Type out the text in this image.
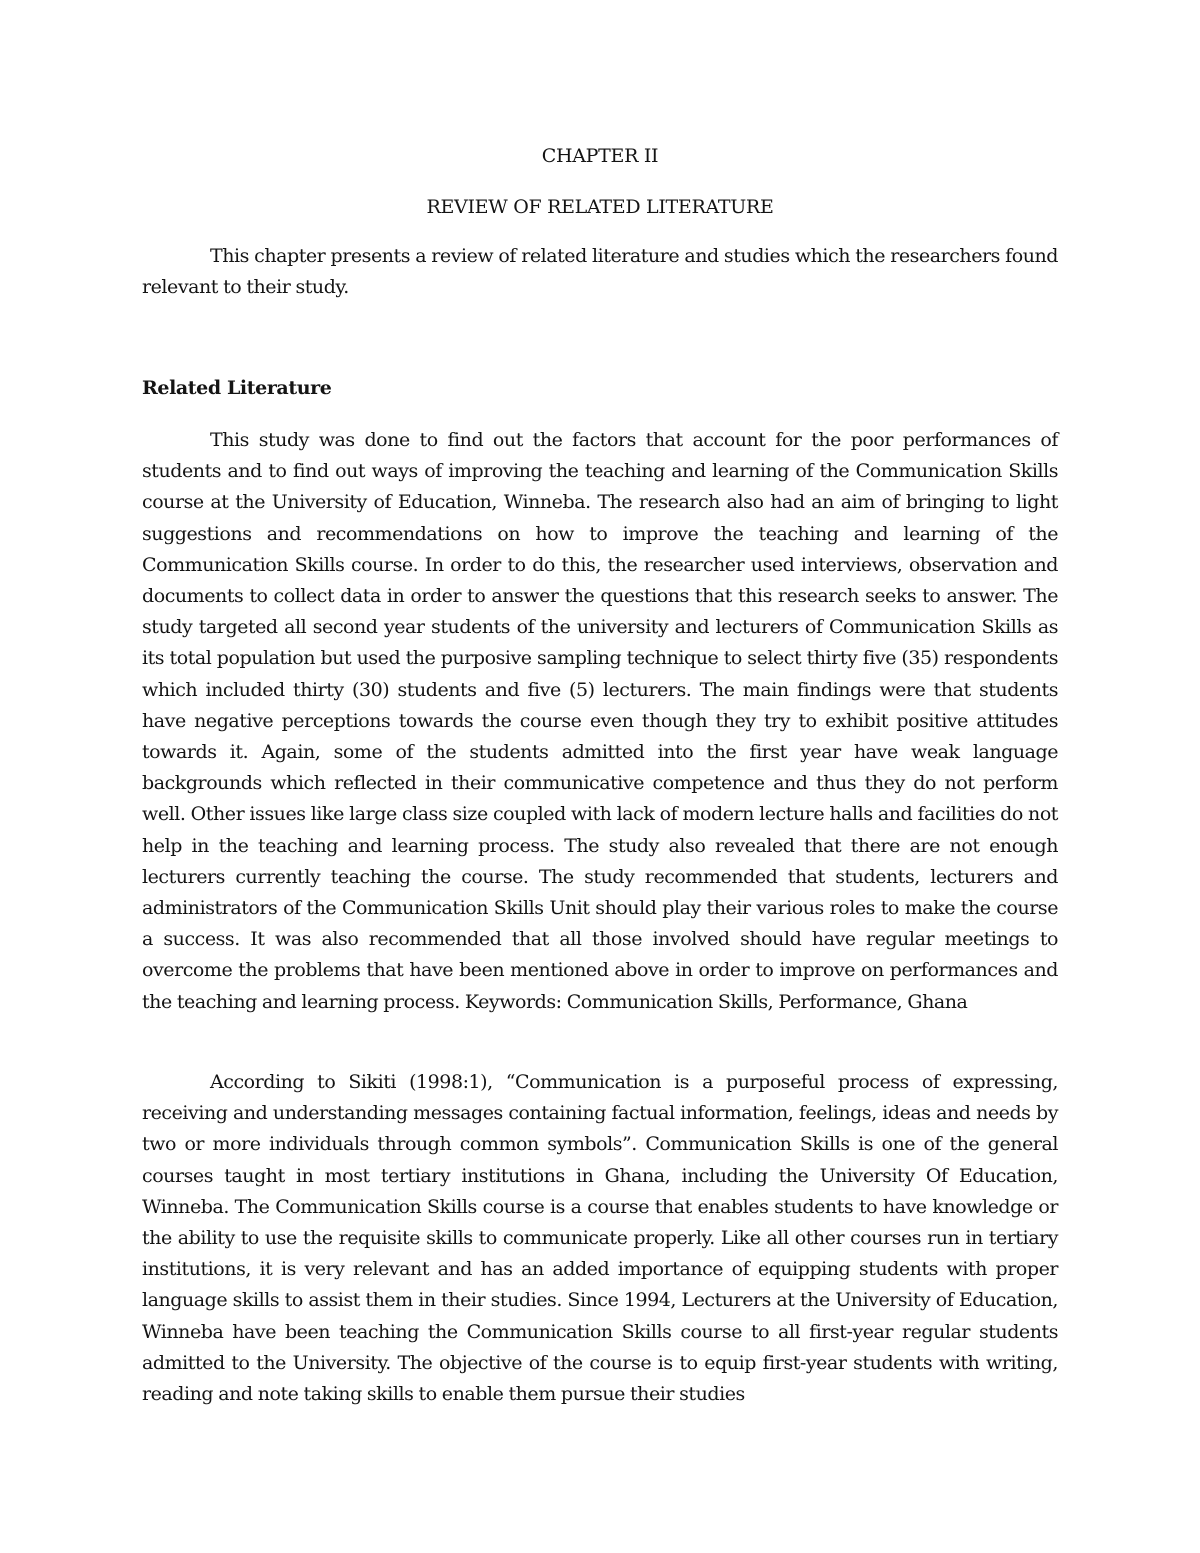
CHAPTER II
REVIEW OF RELATED LITERATURE

This chapter presents a review of related literature and studies which the researchers found relevant to their study.

Related Literature

This study was done to find out the factors that account for the poor performances of students and to find out ways of improving the teaching and learning of the Communication Skills course at the University of Education, Winneba. The research also had an aim of bringing to light suggestions and recommendations on how to improve the teaching and learning of the Communication Skills course. In order to do this, the researcher used interviews, observation and documents to collect data in order to answer the questions that this research seeks to answer. The study targeted all second year students of the university and lecturers of Communication Skills as its total population but used the purposive sampling technique to select thirty five (35) respondents which included thirty (30) students and five (5) lecturers. The main findings were that students have negative perceptions towards the course even though they try to exhibit positive attitudes towards it. Again, some of the students admitted into the first year have weak language backgrounds which reflected in their communicative competence and thus they do not perform well. Other issues like large class size coupled with lack of modern lecture halls and facilities do not help in the teaching and learning process. The study also revealed that there are not enough lecturers currently teaching the course. The study recommended that students, lecturers and administrators of the Communication Skills Unit should play their various roles to make the course a success. It was also recommended that all those involved should have regular meetings to overcome the problems that have been mentioned above in order to improve on performances and the teaching and learning process. Keywords: Communication Skills, Performance, Ghana

According to Sikiti (1998:1), “Communication is a purposeful process of expressing, receiving and understanding messages containing factual information, feelings, ideas and needs by two or more individuals through common symbols”. Communication Skills is one of the general courses taught in most tertiary institutions in Ghana, including the University Of Education, Winneba. The Communication Skills course is a course that enables students to have knowledge or the ability to use the requisite skills to communicate properly. Like all other courses run in tertiary institutions, it is very relevant and has an added importance of equipping students with proper language skills to assist them in their studies. Since 1994, Lecturers at the University of Education, Winneba have been teaching the Communication Skills course to all first-year regular students admitted to the University. The objective of the course is to equip first-year students with writing, reading and note taking skills to enable them pursue their studies
